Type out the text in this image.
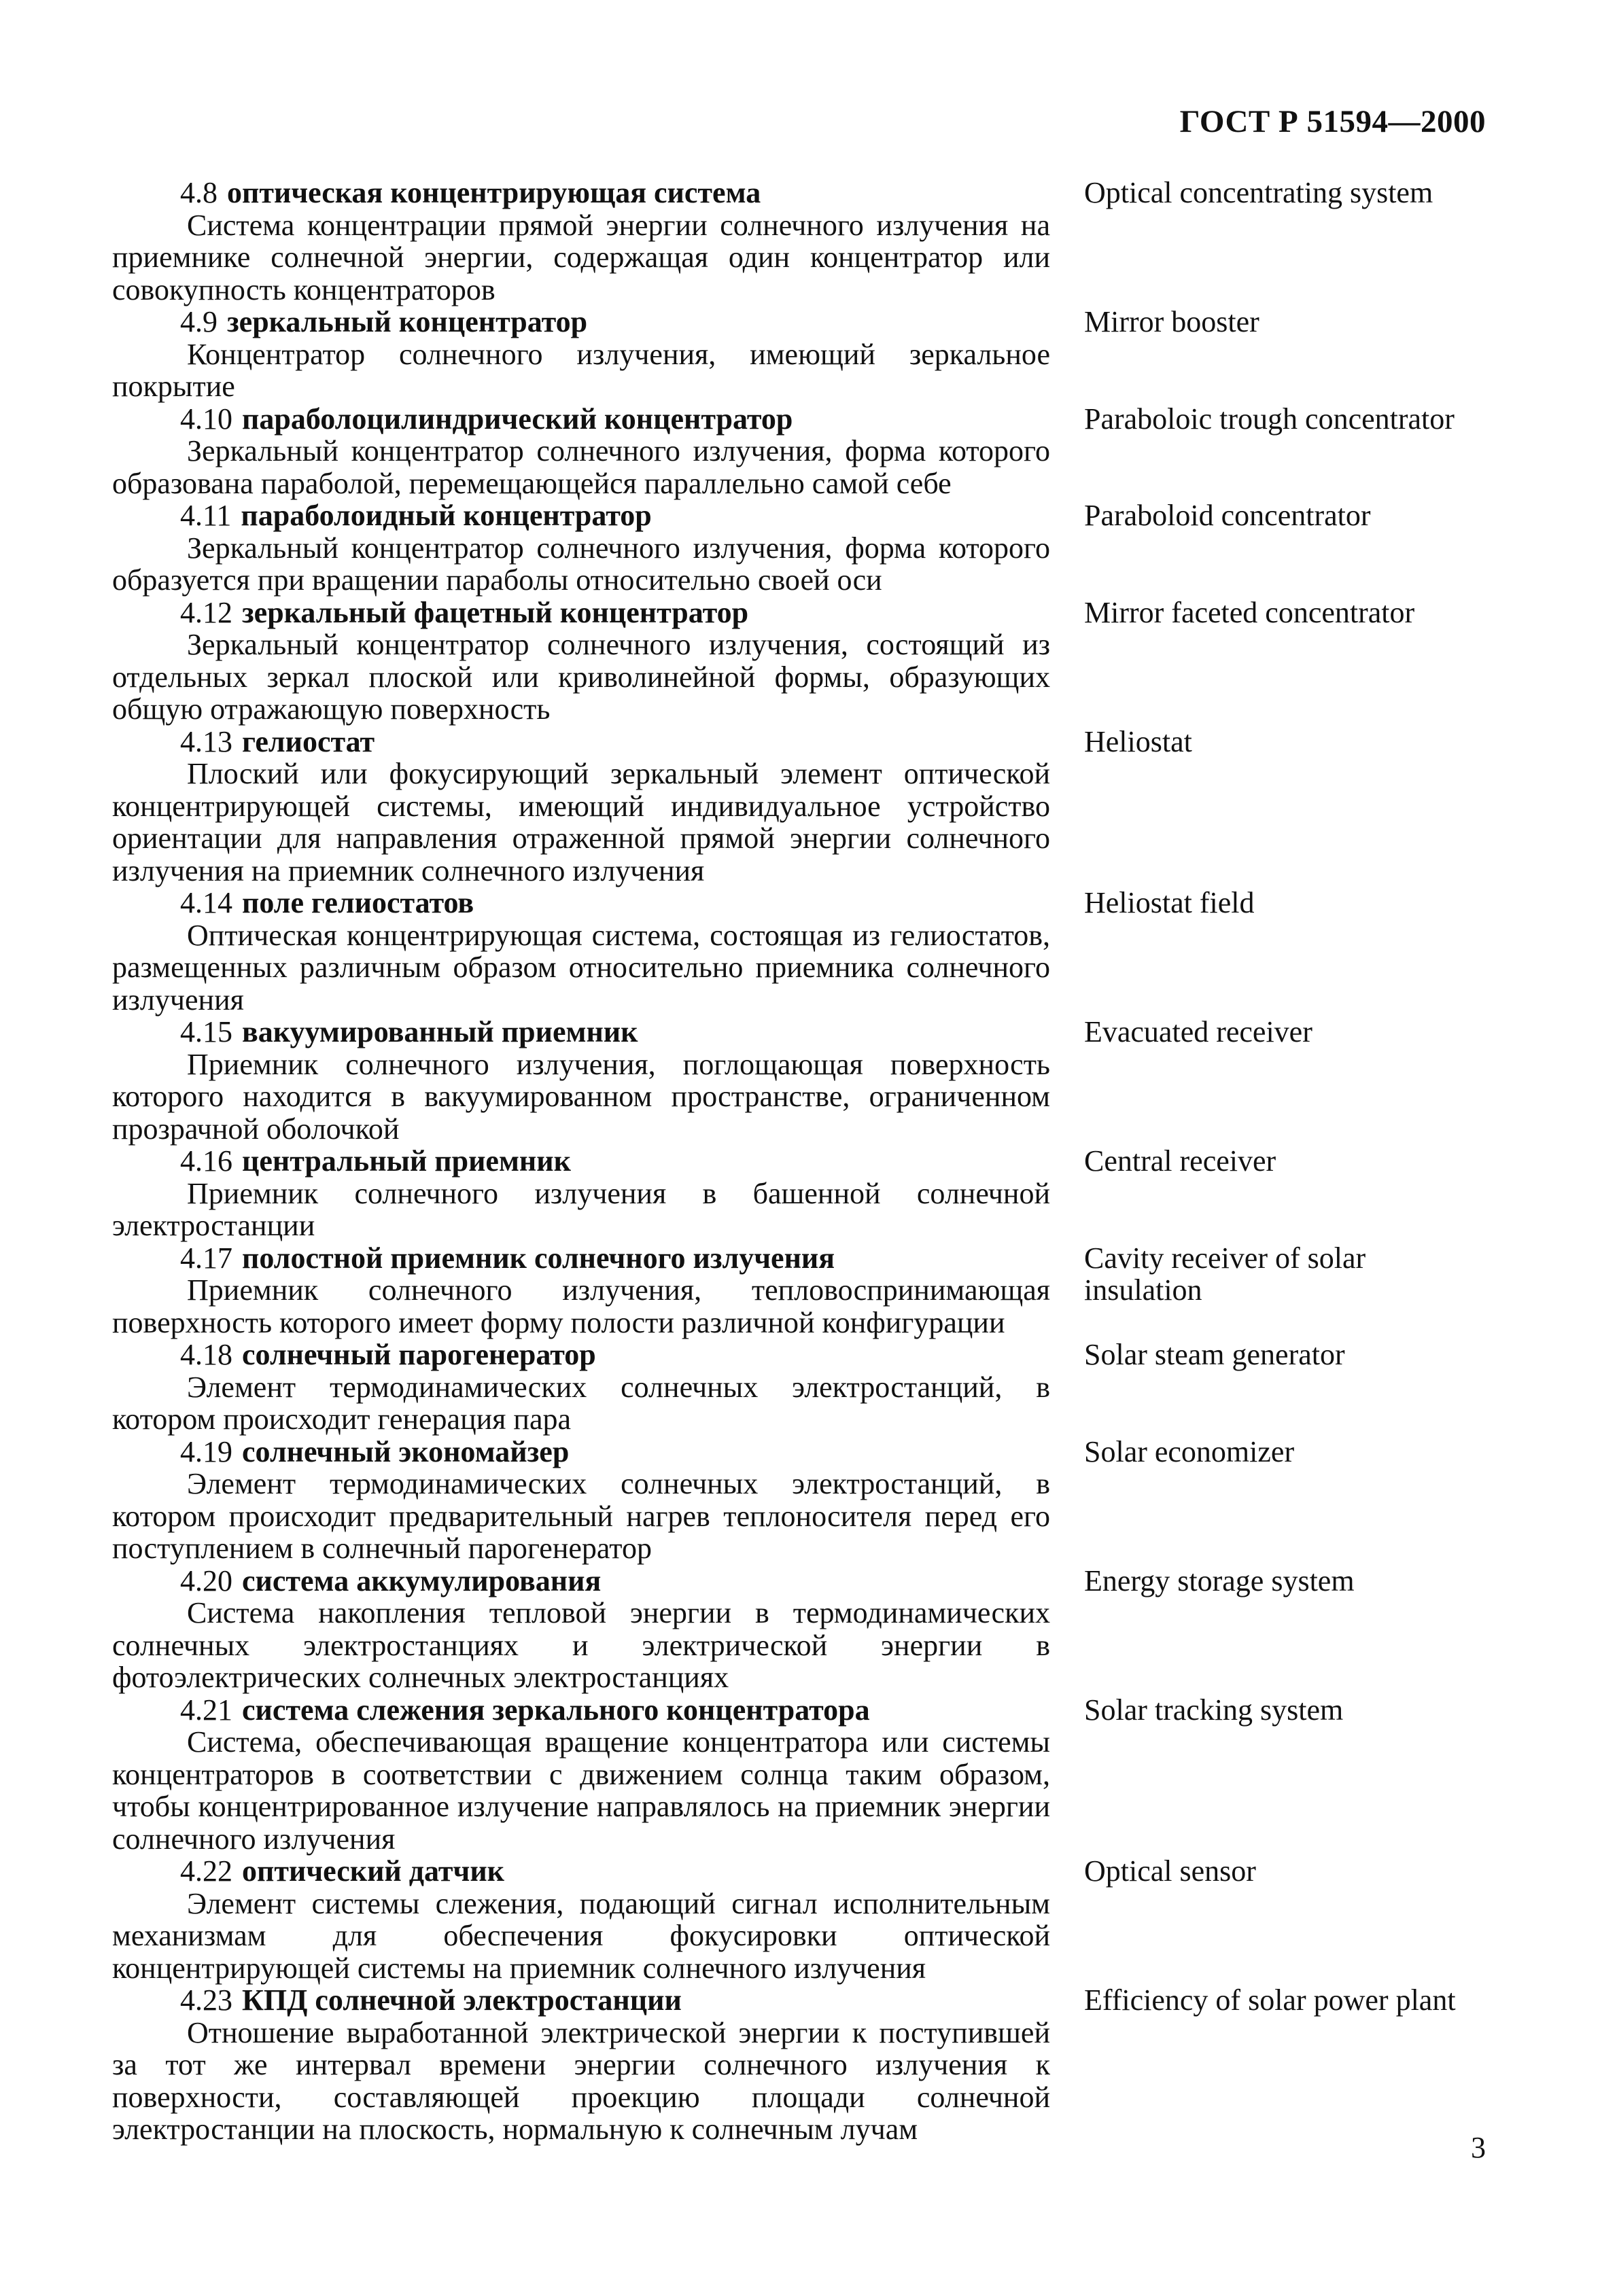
ГОСТ Р 51594—2000
4.8 оптическая концентрирующая система
Система концентрации прямой энергии солнечного излучения на приемнике солнечной энергии, содержащая один концентратор или совокупность концентраторов
Optical concentrating system
4.9 зеркальный концентратор
Концентратор солнечного излучения, имеющий зеркальное покрытие
Mirror booster
4.10 параболоцилиндрический концентратор
Зеркальный концентратор солнечного излучения, форма которого образована параболой, перемещающейся параллельно самой себе
Paraboloic trough concentrator
4.11 параболоидный концентратор
Зеркальный концентратор солнечного излучения, форма которого образуется при вращении параболы относительно своей оси
Paraboloid concentrator
4.12 зеркальный фацетный концентратор
Зеркальный концентратор солнечного излучения, состоящий из отдельных зеркал плоской или криволинейной формы, образующих общую отражающую поверхность
Mirror faceted concentrator
4.13 гелиостат
Плоский или фокусирующий зеркальный элемент оптической концентрирующей системы, имеющий индивидуальное устройство ориентации для направления отраженной прямой энергии солнечного излучения на приемник солнечного излучения
Heliostat
4.14 поле гелиостатов
Оптическая концентрирующая система, состоящая из гелиостатов, размещенных различным образом относительно приемника солнечного излучения
Heliostat field
4.15 вакуумированный приемник
Приемник солнечного излучения, поглощающая поверхность которого находится в вакуумированном пространстве, ограниченном прозрачной оболочкой
Evacuated receiver
4.16 центральный приемник
Приемник солнечного излучения в башенной солнечной электростанции
Central receiver
4.17 полостной приемник солнечного излучения
Приемник солнечного излучения, тепловоспринимающая поверхность которого имеет форму полости различной конфигурации
Cavity receiver of solar insulation
4.18 солнечный парогенератор
Элемент термодинамических солнечных электростанций, в котором происходит генерация пара
Solar steam generator
4.19 солнечный экономайзер
Элемент термодинамических солнечных электростанций, в котором происходит предварительный нагрев теплоносителя перед его поступлением в солнечный парогенератор
Solar economizer
4.20 система аккумулирования
Система накопления тепловой энергии в термодинамических солнечных электростанциях и электрической энергии в фотоэлектрических солнечных электростанциях
Energy storage system
4.21 система слежения зеркального концентратора
Система, обеспечивающая вращение концентратора или системы концентраторов в соответствии с движением солнца таким образом, чтобы концентрированное излучение направлялось на приемник энергии солнечного излучения
Solar tracking system
4.22 оптический датчик
Элемент системы слежения, подающий сигнал исполнительным механизмам для обеспечения фокусировки оптической концентрирующей системы на приемник солнечного излучения
Optical sensor
4.23 КПД солнечной электростанции
Отношение выработанной электрической энергии к поступившей за тот же интервал времени энергии солнечного излучения к поверхности, составляющей проекцию площади солнечной электростанции на плоскость, нормальную к солнечным лучам
Efficiency of solar power plant
3
